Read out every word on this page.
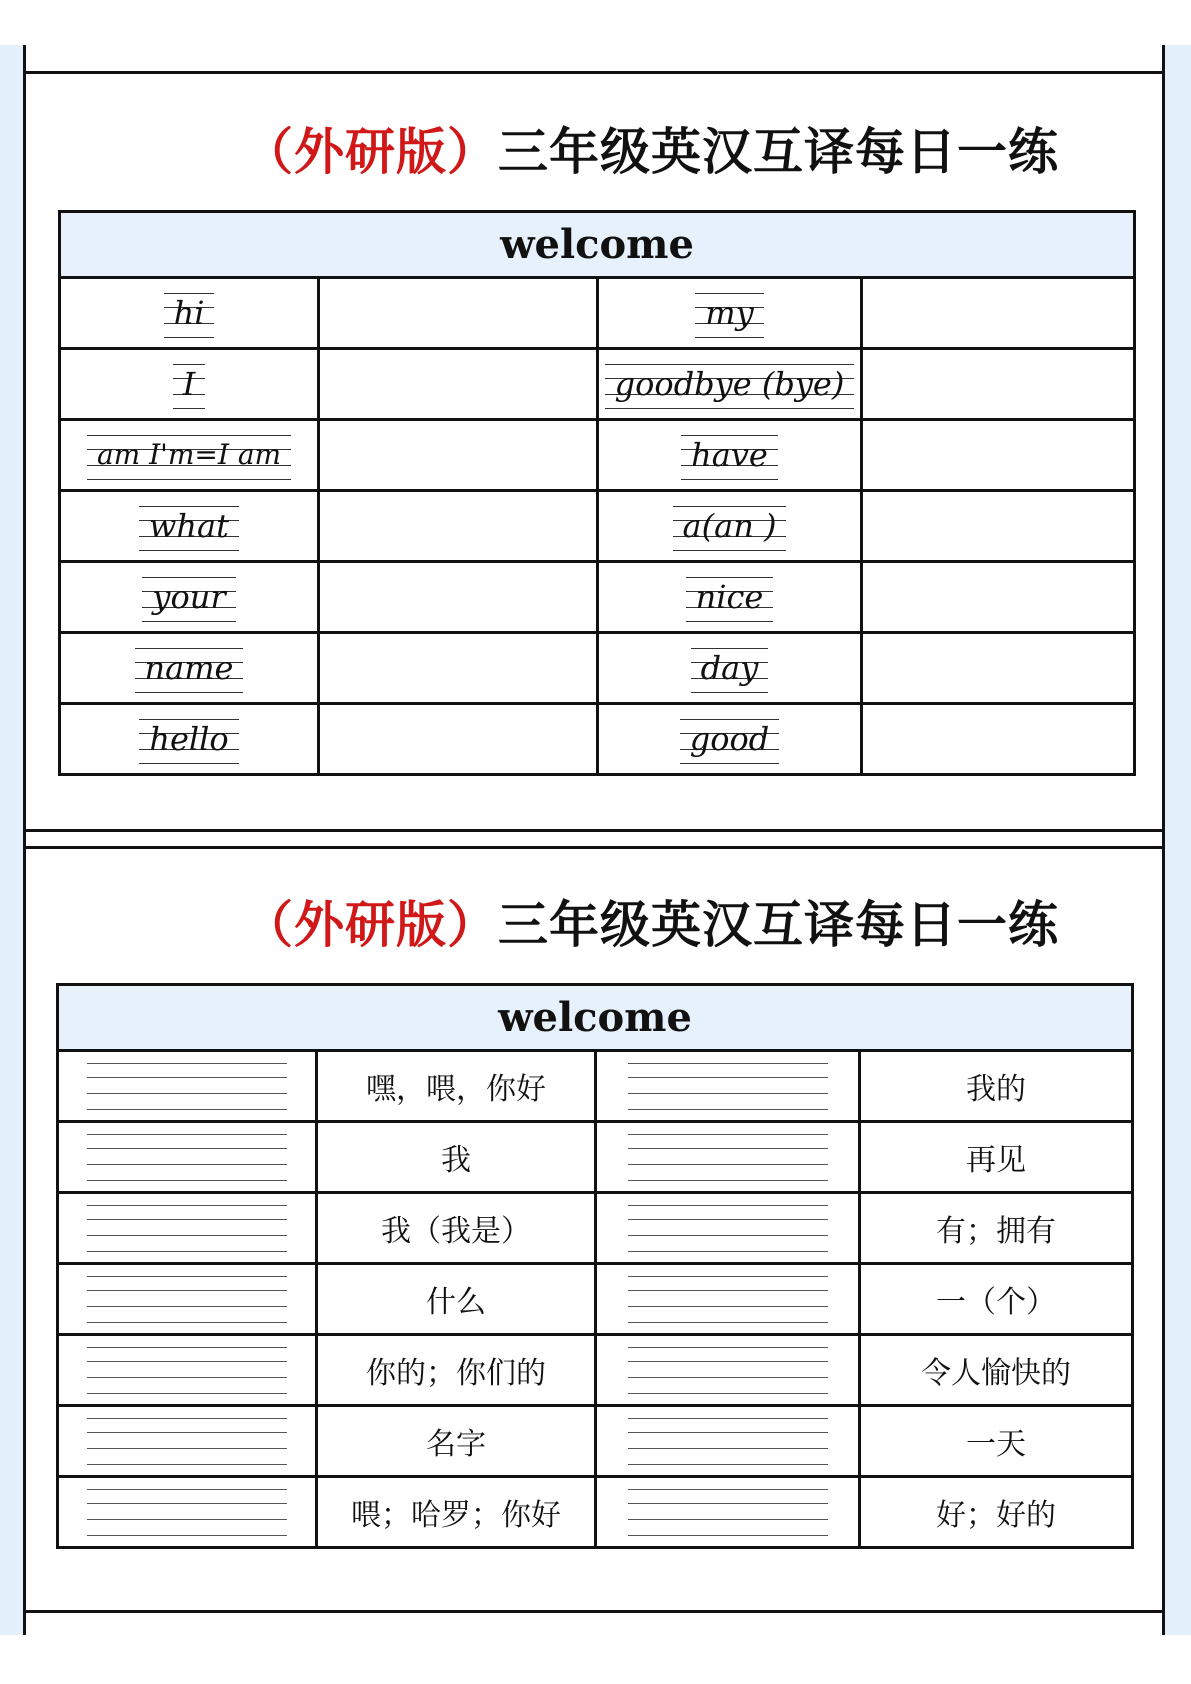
（外研版）三年级英汉互译每日一练
welcome			
hi		my	
I		goodbye (bye)	
am I'm=I am		have	
what		a(an )	
your		nice	
name		day	
hello		good	
（外研版）三年级英汉互译每日一练
welcome			

	嘿，喂，你好		我的

	我		再见

	我（我是）		有；拥有

	什么		一（个）

	你的；你们的		令人愉快的

	名字		一天

	喂；哈罗；你好		好；好的
